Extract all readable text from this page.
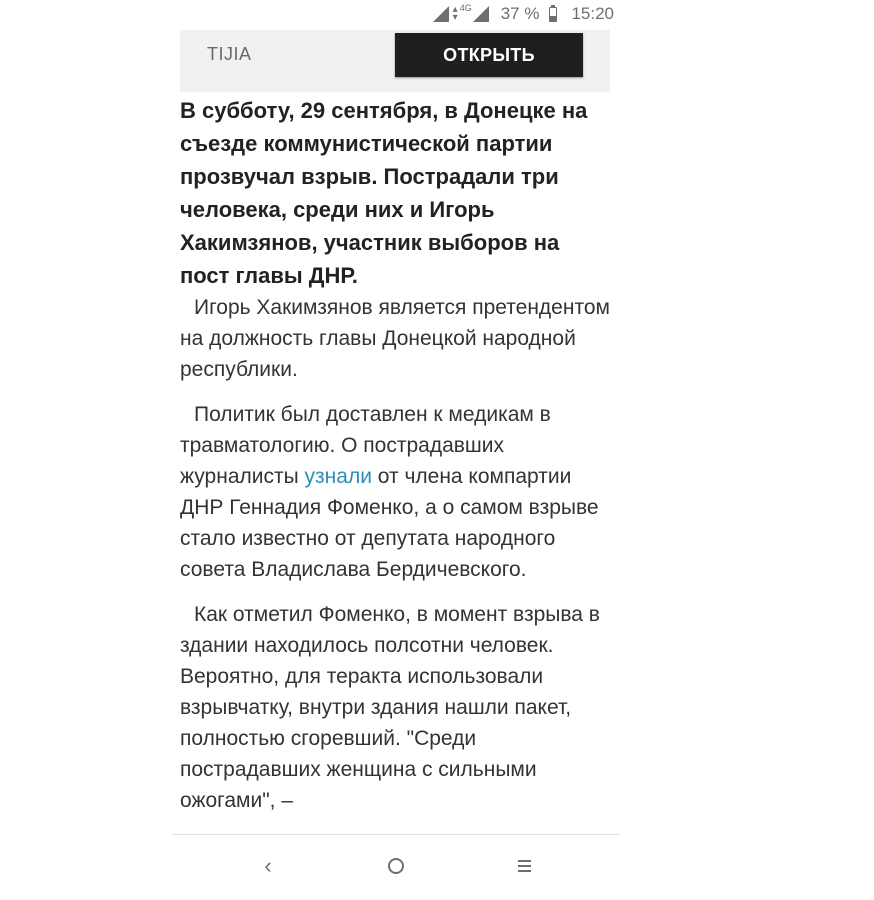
▴
▾
4G 37 % 15:20
TIJIA	ОТКРЫТЬ

В субботу, 29 сентября, в Донецке на съезде коммунистической партии прозвучал взрыв. Пострадали три человека, среди них и Игорь Хакимзянов, участник выборов на пост главы ДНР.

Игорь Хакимзянов является претендентом на должность главы Донецкой народной республики.

Политик был доставлен к медикам в травматологию. О пострадавших журналисты узнали от члена компартии ДНР Геннадия Фоменко, а о самом взрыве стало известно от депутата народного совета Владислава Бердичевского.

Как отметил Фоменко, в момент взрыва в здании находилось полсотни человек. Вероятно, для теракта использовали взрывчатку, внутри здания нашли пакет, полностью сгоревший. "Среди пострадавших женщина с сильными ожогами", –

‹
